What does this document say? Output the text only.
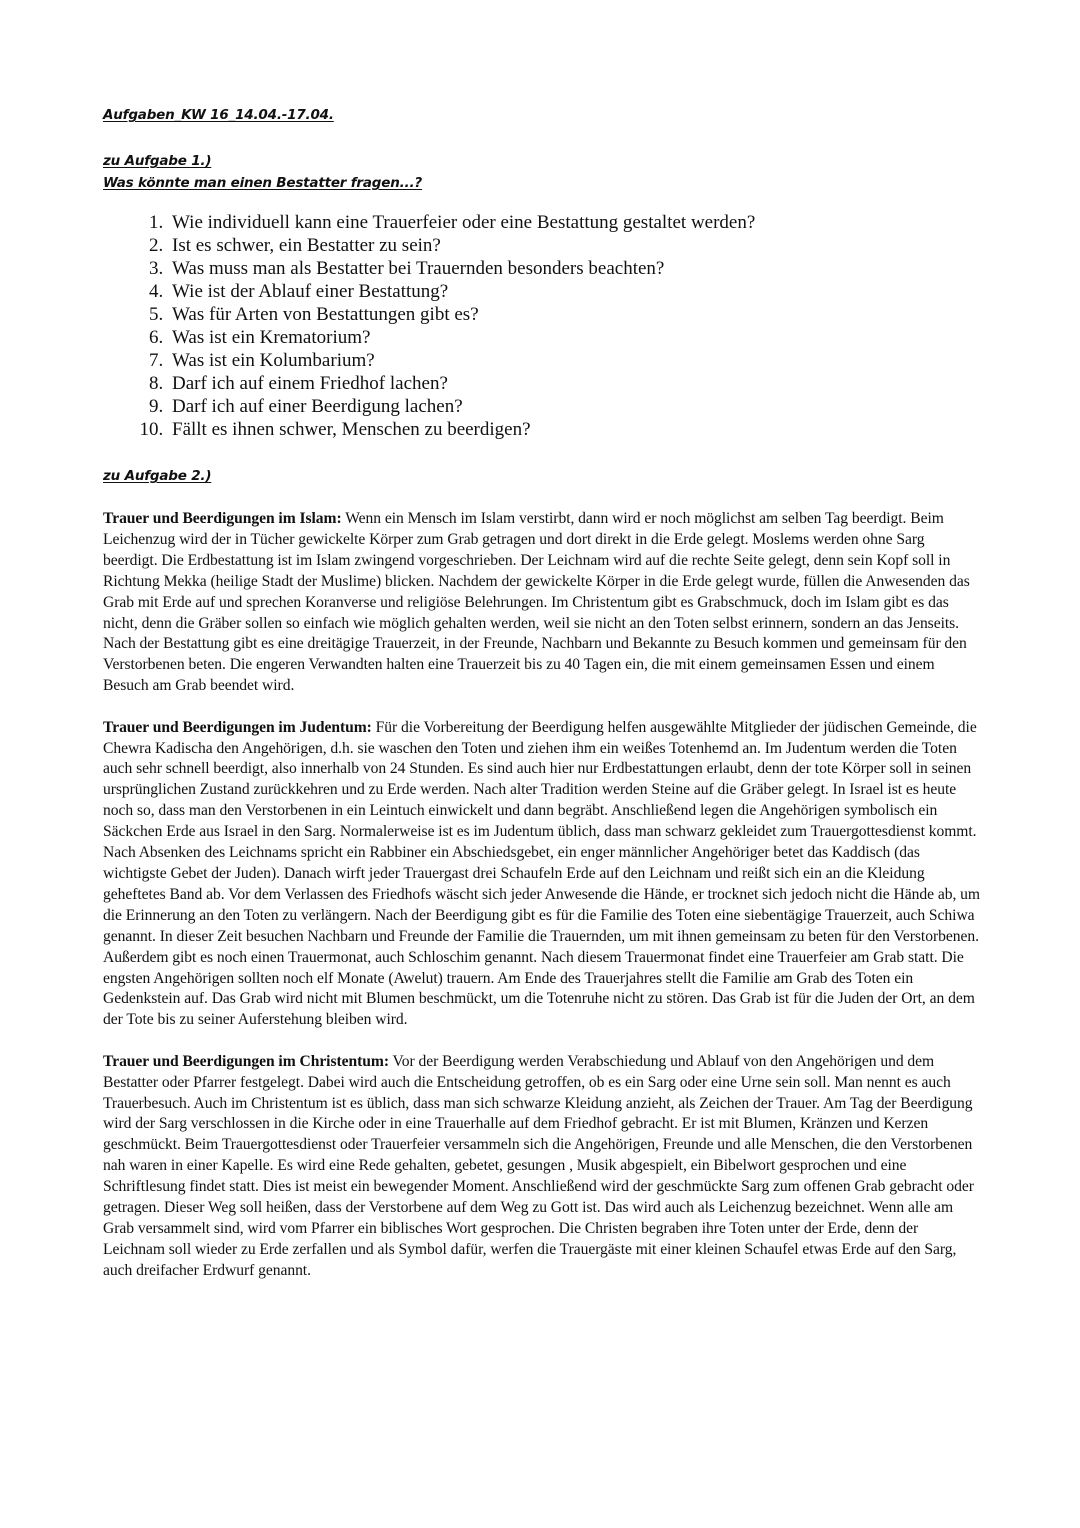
Aufgaben_KW 16_14.04.-17.04.

zu Aufgabe 1.)

Was könnte man einen Bestatter fragen...?

1. Wie individuell kann eine Trauerfeier oder eine Bestattung gestaltet werden?
2. Ist es schwer, ein Bestatter zu sein?
3. Was muss man als Bestatter bei Trauernden besonders beachten?
4. Wie ist der Ablauf einer Bestattung?
5. Was für Arten von Bestattungen gibt es?
6. Was ist ein Krematorium?
7. Was ist ein Kolumbarium?
8. Darf ich auf einem Friedhof lachen?
9. Darf ich auf einer Beerdigung lachen?
10. Fällt es ihnen schwer, Menschen zu beerdigen?

zu Aufgabe 2.)

Trauer und Beerdigungen im Islam: Wenn ein Mensch im Islam verstirbt, dann wird er noch möglichst am selben Tag beerdigt. Beim Leichenzug wird der in Tücher gewickelte Körper zum Grab getragen und dort direkt in die Erde gelegt. Moslems werden ohne Sarg beerdigt. Die Erdbestattung ist im Islam zwingend vorgeschrieben. Der Leichnam wird auf die rechte Seite gelegt, denn sein Kopf soll in Richtung Mekka (heilige Stadt der Muslime) blicken. Nachdem der gewickelte Körper in die Erde gelegt wurde, füllen die Anwesenden das Grab mit Erde auf und sprechen Koranverse und religiöse Belehrungen. Im Christentum gibt es Grabschmuck, doch im Islam gibt es das nicht, denn die Gräber sollen so einfach wie möglich gehalten werden, weil sie nicht an den Toten selbst erinnern, sondern an das Jenseits. Nach der Bestattung gibt es eine dreitägige Trauerzeit, in der Freunde, Nachbarn und Bekannte zu Besuch kommen und gemeinsam für den Verstorbenen beten. Die engeren Verwandten halten eine Trauerzeit bis zu 40 Tagen ein, die mit einem gemeinsamen Essen und einem Besuch am Grab beendet wird.

Trauer und Beerdigungen im Judentum: Für die Vorbereitung der Beerdigung helfen ausgewählte Mitglieder der jüdischen Gemeinde, die Chewra Kadischa den Angehörigen, d.h. sie waschen den Toten und ziehen ihm ein weißes Totenhemd an. Im Judentum werden die Toten auch sehr schnell beerdigt, also innerhalb von 24 Stunden. Es sind auch hier nur Erdbestattungen erlaubt, denn der tote Körper soll in seinen ursprünglichen Zustand zurückkehren und zu Erde werden. Nach alter Tradition werden Steine auf die Gräber gelegt. In Israel ist es heute noch so, dass man den Verstorbenen in ein Leintuch einwickelt und dann begräbt. Anschließend legen die Angehörigen symbolisch ein Säckchen Erde aus Israel in den Sarg. Normalerweise ist es im Judentum üblich, dass man schwarz gekleidet zum Trauergottesdienst kommt. Nach Absenken des Leichnams spricht ein Rabbiner ein Abschiedsgebet, ein enger männlicher Angehöriger betet das Kaddisch (das wichtigste Gebet der Juden). Danach wirft jeder Trauergast drei Schaufeln Erde auf den Leichnam und reißt sich ein an die Kleidung geheftetes Band ab. Vor dem Verlassen des Friedhofs wäscht sich jeder Anwesende die Hände, er trocknet sich jedoch nicht die Hände ab, um die Erinnerung an den Toten zu verlängern. Nach der Beerdigung gibt es für die Familie des Toten eine siebentägige Trauerzeit, auch Schiwa genannt. In dieser Zeit besuchen Nachbarn und Freunde der Familie die Trauernden, um mit ihnen gemeinsam zu beten für den Verstorbenen. Außerdem gibt es noch einen Trauermonat, auch Schloschim genannt. Nach diesem Trauermonat findet eine Trauerfeier am Grab statt. Die engsten Angehörigen sollten noch elf Monate (Awelut) trauern. Am Ende des Trauerjahres stellt die Familie am Grab des Toten ein Gedenkstein auf. Das Grab wird nicht mit Blumen beschmückt, um die Totenruhe nicht zu stören. Das Grab ist für die Juden der Ort, an dem der Tote bis zu seiner Auferstehung bleiben wird.

Trauer und Beerdigungen im Christentum: Vor der Beerdigung werden Verabschiedung und Ablauf von den Angehörigen und dem Bestatter oder Pfarrer festgelegt. Dabei wird auch die Entscheidung getroffen, ob es ein Sarg oder eine Urne sein soll. Man nennt es auch Trauerbesuch. Auch im Christentum ist es üblich, dass man sich schwarze Kleidung anzieht, als Zeichen der Trauer. Am Tag der Beerdigung wird der Sarg verschlossen in die Kirche oder in eine Trauerhalle auf dem Friedhof gebracht. Er ist mit Blumen, Kränzen und Kerzen geschmückt. Beim Trauergottesdienst oder Trauerfeier versammeln sich die Angehörigen, Freunde und alle Menschen, die den Verstorbenen nah waren in einer Kapelle. Es wird eine Rede gehalten, gebetet, gesungen , Musik abgespielt, ein Bibelwort gesprochen und eine Schriftlesung findet statt. Dies ist meist ein bewegender Moment. Anschließend wird der geschmückte Sarg zum offenen Grab gebracht oder getragen. Dieser Weg soll heißen, dass der Verstorbene auf dem Weg zu Gott ist. Das wird auch als Leichenzug bezeichnet. Wenn alle am Grab versammelt sind, wird vom Pfarrer ein biblisches Wort gesprochen. Die Christen begraben ihre Toten unter der Erde, denn der Leichnam soll wieder zu Erde zerfallen und als Symbol dafür, werfen die Trauergäste mit einer kleinen Schaufel etwas Erde auf den Sarg, auch dreifacher Erdwurf genannt.
